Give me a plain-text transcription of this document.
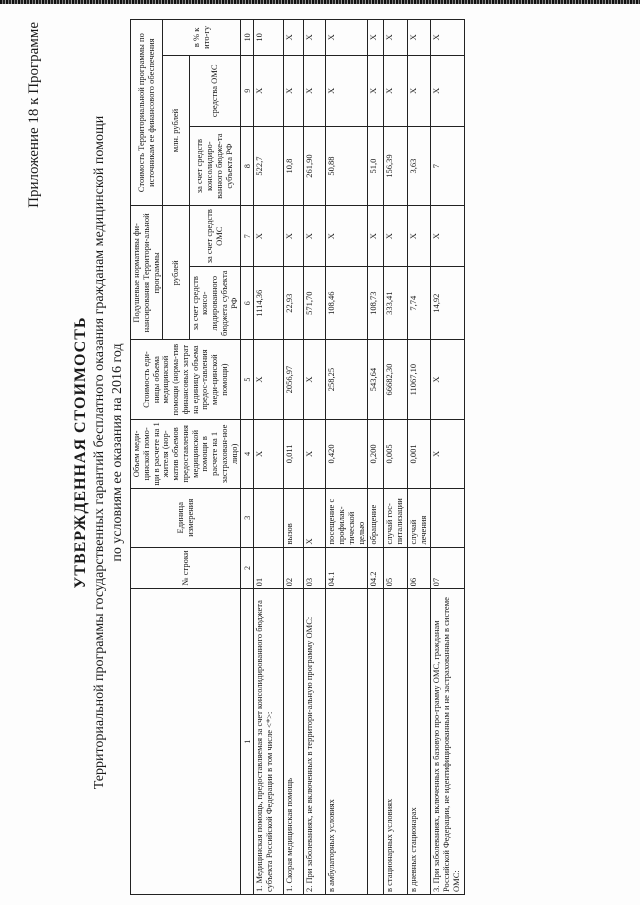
Приложение 18 к Программе
УТВЕРЖДЕННАЯ СТОИМОСТЬ Территориальной программы государственных гарантий бесплатного оказания гражданам медицинской помощи по условиям ее оказания на 2016 год
	№ строки	Единица измерения	Объем меди-цинской помо-щи в расчете на 1 жителя (нор-матив объемов предоставления медицинской помощи в расчете на 1 застрахован-ное лицо)	Стоимость еди-ницы объема медицинской помощи (норма-тив финансовых затрат на единицу объема предос-тавления меди-цинской помощи)	Подушевые нормативы фи-нансирования Территори-альной программы		Стоимость Территориальной программы по источникам ее финансового обеспечения		
					рублей		млн. рублей		в % к ито-гу
					за счет средств консо-лидированного бюджета субъекта РФ	за счет средств ОМС	за счет средств консолидиро-ванного бюдже-та субъекта РФ	средства ОМС	
1	2	3	4	5	6	7	8	9	10
1. Медицинская помощь, предоставляемая за счет консолидированного бюджета субъекта Российской Федерации в том числе <*>:	01		X	X	1114,36	X	522,7	X	10
1. Скорая медицинская помощь	02	вызов	0,011	2056,97	22,93	X	10,8	X	X
2. При заболеваниях, не включенных в территори-альную программу ОМС:	03	X	X	X	571,70	X	261,90	X	X
в амбулаторных условиях	04.1	посещение с профилак-тической целью	0,420	258,25	108,46	X	50,88	X	X
	04.2	обращение	0,200	543,64	108,73	X	51,0	X	X
в стационарных условиях	05	случай гос-питализации	0,005	66682,30	333,41	X	156,39	X	X
в дневных стационарах	06	случай лечения	0,001	11067,10	7,74	X	3,63	X	X
3. При заболеваниях, включенных в базовую про-грамму ОМС, гражданам Российской Федерации, не идентифицированным и не застрахованным в системе ОМС:	07		X	X	14,92	X	7	X	X
